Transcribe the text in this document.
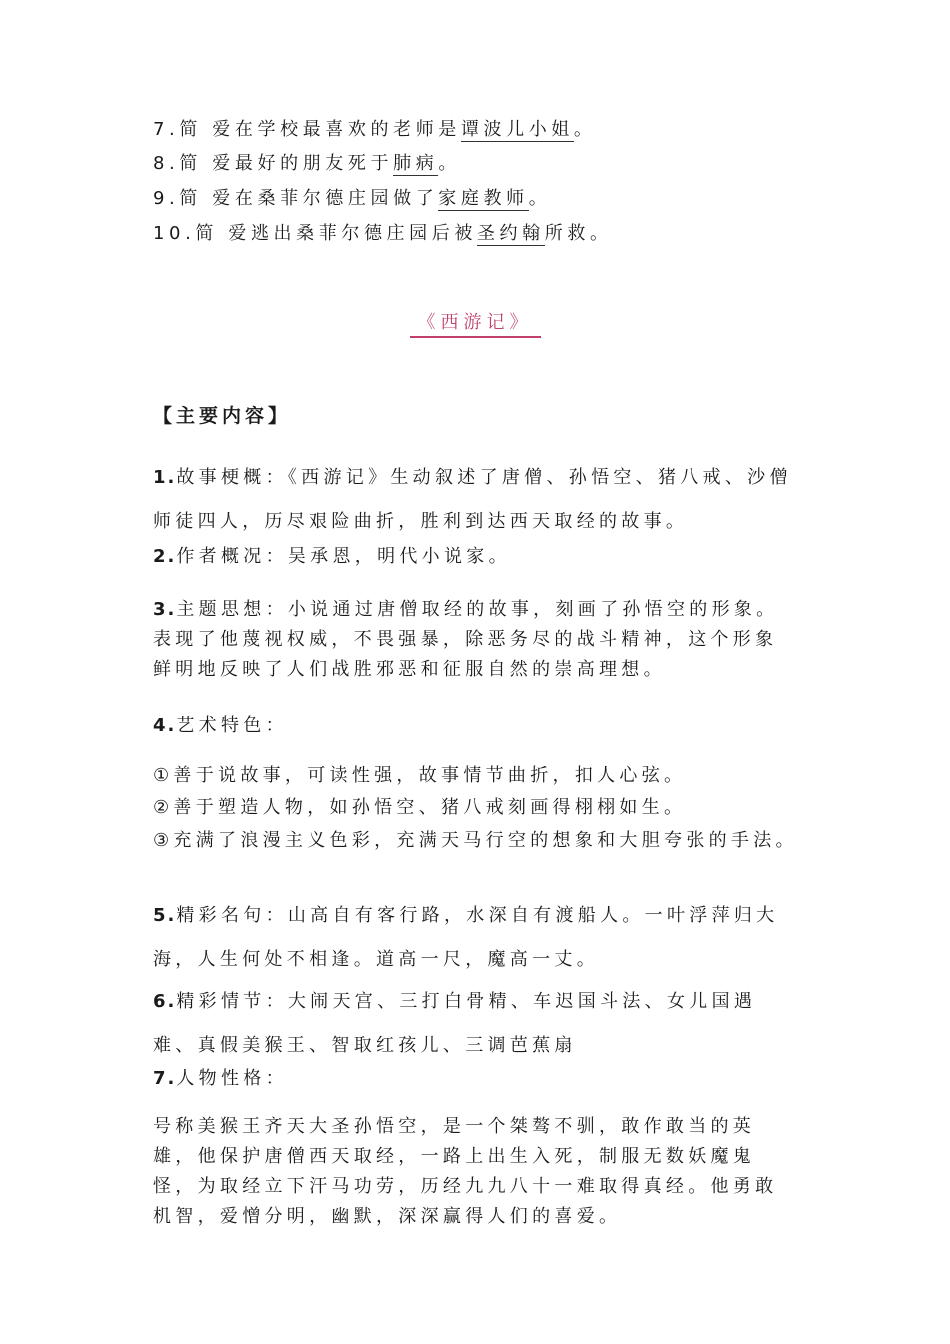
7.简 爱在学校最喜欢的老师是谭波儿小姐。
8.简 爱最好的朋友死于肺病。
9.简 爱在桑菲尔德庄园做了家庭教师。
10.简 爱逃出桑菲尔德庄园后被圣约翰所救。
《西游记》
【主要内容】
1.故事梗概：《西游记》生动叙述了唐僧、孙悟空、猪八戒、沙僧师徒四人，历尽艰险曲折，胜利到达西天取经的故事。
2.作者概况：吴承恩，明代小说家。
3.主题思想：小说通过唐僧取经的故事，刻画了孙悟空的形象。表现了他蔑视权威，不畏强暴，除恶务尽的战斗精神，这个形象鲜明地反映了人们战胜邪恶和征服自然的崇高理想。
4.艺术特色：
①善于说故事，可读性强，故事情节曲折，扣人心弦。
②善于塑造人物，如孙悟空、猪八戒刻画得栩栩如生。
③充满了浪漫主义色彩，充满天马行空的想象和大胆夸张的手法。
5.精彩名句：山高自有客行路，水深自有渡船人。一叶浮萍归大海，人生何处不相逢。道高一尺，魔高一丈。
6.精彩情节：大闹天宫、三打白骨精、车迟国斗法、女儿国遇难、真假美猴王、智取红孩儿、三调芭蕉扇
7.人物性格：
号称美猴王齐天大圣孙悟空，是一个桀骜不驯，敢作敢当的英雄，他保护唐僧西天取经，一路上出生入死，制服无数妖魔鬼怪，为取经立下汗马功劳，历经九九八十一难取得真经。他勇敢机智，爱憎分明，幽默，深深赢得人们的喜爱。
